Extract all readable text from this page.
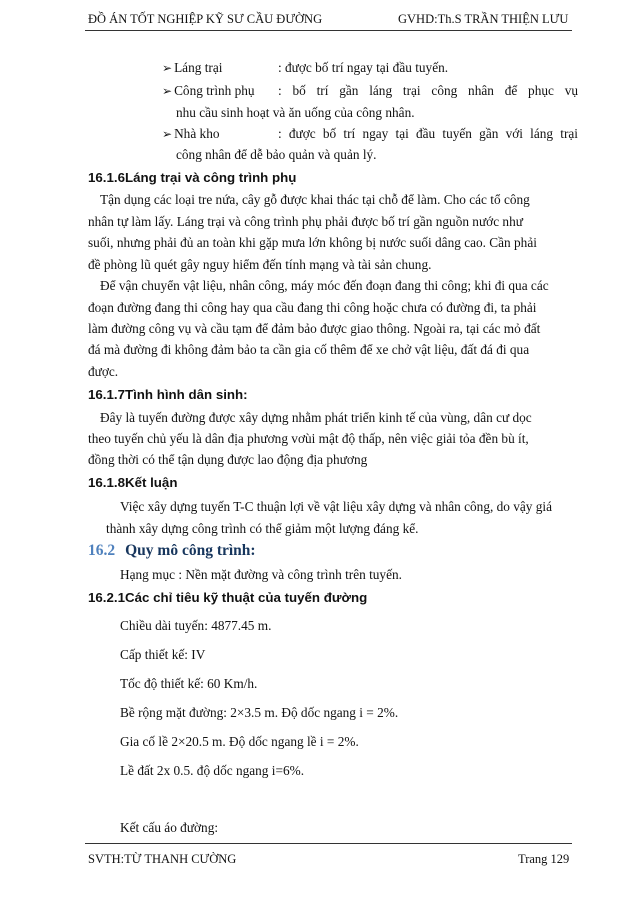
ĐỒ ÁN TỐT NGHIỆP KỸ SƯ CẦU ĐƯỜNG	GVHD:Th.S TRẦN THIỆN LƯU
➢ Láng trại	: được bố trí ngay tại đầu tuyến.
➢ Công trình phụ : bố trí gần láng trại công nhân để phục vụ
nhu cầu sinh hoạt và ăn uống của công nhân.
➢ Nhà kho	: được bố trí ngay tại đầu tuyến gần với láng trại
công nhân để dễ bảo quản và quản lý.
16.1.6Láng trại và công trình phụ
Tận dụng các loại tre nứa, cây gỗ được khai thác tại chỗ để làm. Cho các tổ công
nhân tự làm lấy. Láng trại và công trình phụ phải được bố trí gần nguồn nước như
suối, nhưng phải đủ an toàn khi gặp mưa lớn không bị nước suối dâng cao. Cần phải
đề phòng lũ quét gây nguy hiểm đến tính mạng và tài sản chung.
Để vận chuyển vật liệu, nhân công, máy móc đến đoạn đang thi công; khi đi qua các
đoạn đường đang thi công hay qua cầu đang thi công hoặc chưa có đường đi, ta phải
làm đường công vụ và cầu tạm để đảm bảo được giao thông. Ngoài ra, tại các mỏ đất
đá mà đường đi không đảm bảo ta cần gia cố thêm để xe chở vật liệu, đất đá đi qua
được.
16.1.7Tình hình dân sinh:
Đây là tuyến đường được xây dựng nhằm phát triển kinh tế của vùng, dân cư dọc
theo tuyến chủ yếu là dân địa phương vơùi mật độ thấp, nên việc giải tỏa đền bù ít,
đồng thời có thể tận dụng được lao động địa phương
16.1.8Kết luận
Việc xây dựng tuyến T-C thuận lợi về vật liệu xây dựng và nhân công, do vậy giá
thành xây dựng công trình có thể giảm một lượng đáng kể.
16.2 Quy mô công trình:
Hạng mục : Nền mặt đường và công trình trên tuyến.
16.2.1Các chỉ tiêu kỹ thuật của tuyến đường
Chiều dài tuyến: 4877.45 m.
Cấp thiết kế: IV
Tốc độ thiết kế: 60 Km/h.
Bề rộng mặt đường: 2×3.5 m. Độ dốc ngang i = 2%.
Gia cố lề 2×20.5 m. Độ dốc ngang lề i = 2%.
Lề đất 2x 0.5. độ dốc ngang i=6%.
Kết cấu áo đường:
SVTH:TỪ THANH CƯỜNG	Trang 129
